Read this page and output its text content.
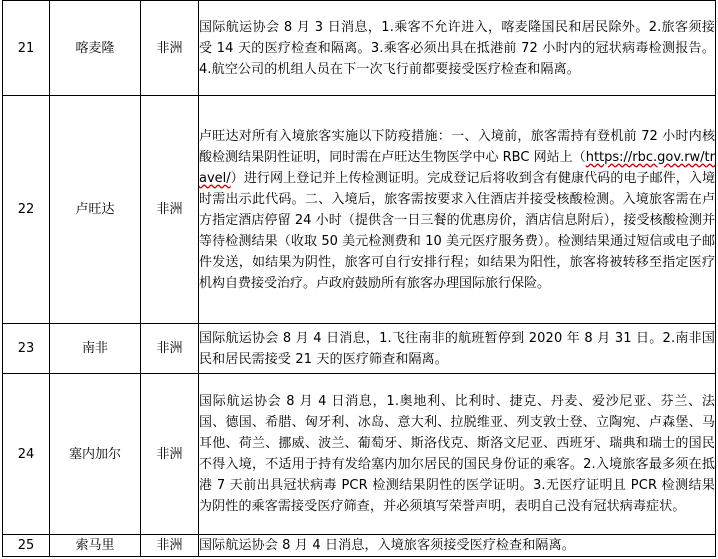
21	喀麦隆	非洲	国际航运协会 8 月 3 日消息，1.乘客不允许进入，喀麦隆国民和居民除外。2.旅客须接受 14 天的医疗检查和隔离。3.乘客必须出具在抵港前 72 小时内的冠状病毒检测报告。4.航空公司的机组人员在下一次飞行前都要接受医疗检查和隔离。
22	卢旺达	非洲	卢旺达对所有入境旅客实施以下防疫措施：一、入境前，旅客需持有登机前 72 小时内核酸检测结果阴性证明，同时需在卢旺达生物医学中心 RBC 网站上（https://rbc.gov.rw/travel/）进行网上登记并上传检测证明。完成登记后将收到含有健康代码的电子邮件，入境时需出示此代码。二、入境后，旅客需按要求入住酒店并接受核酸检测。入境旅客需在卢方指定酒店停留 24 小时（提供含一日三餐的优惠房价，酒店信息附后），接受核酸检测并等待检测结果（收取 50 美元检测费和 10 美元医疗服务费）。检测结果通过短信或电子邮件发送，如结果为阴性，旅客可自行安排行程；如结果为阳性，旅客将被转移至指定医疗机构自费接受治疗。卢政府鼓励所有旅客办理国际旅行保险。
23	南非	非洲	国际航运协会 8 月 4 日消息，1.飞往南非的航班暂停到 2020 年 8 月 31 日。2.南非国民和居民需接受 21 天的医疗筛查和隔离。
24	塞内加尔	非洲	国际航运协会 8 月 4 日消息，1.奥地利、比利时、捷克、丹麦、爱沙尼亚、芬兰、法国、德国、希腊、匈牙利、冰岛、意大利、拉脱维亚、列支敦士登、立陶宛、卢森堡、马耳他、荷兰、挪威、波兰、葡萄牙、斯洛伐克、斯洛文尼亚、西班牙、瑞典和瑞士的国民不得入境，不适用于持有发给塞内加尔居民的国民身份证的乘客。2.入境旅客最多须在抵港 7 天前出具冠状病毒 PCR 检测结果阴性的医学证明。3.无医疗证明且 PCR 检测结果为阴性的乘客需接受医疗筛查，并必须填写荣誉声明，表明自己没有冠状病毒症状。
25	索马里	非洲	国际航运协会 8 月 4 日消息，入境旅客须接受医疗检查和隔离。
